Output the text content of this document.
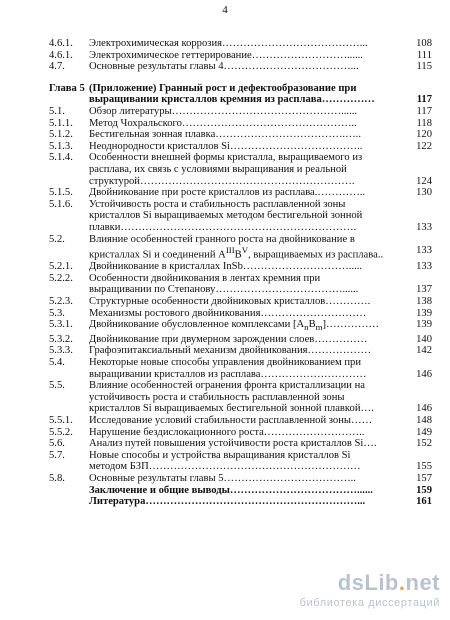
4
4.6.1.	Электрохимическая коррозия…………………………………...	108
4.6.1.	Электрохимическое геттерирование………………………......	111
4.7.	Основные результаты главы 4………………………………...	115
Глава 5 (Приложение) Гранный рост и дефектообразование при
выращивании кристаллов кремния из расплава……………	117
5.1.	Обзор литературы…………………………………………......	117
5.1.1.	Метод Чохральского…………………………………………..	118
5.1.2.	Бестигельная зонная плавка……………………………….…..	120
5.1.3.	Неоднородности кристаллов Si………………………………..	122
5.1.4.	Особенности внешней формы кристалла, выращиваемого из
расплава, их связь с условиями выращивания и реальной
структурой…………………………………………………….	124
5.1.5.	Двойникование при росте кристаллов из расплава.…………..	130
5.1.6.	Устойчивость роста и стабильность расплавленной зоны
кристаллов Si выращиваемых методом бестигельной зонной
плавки………………………………………………………….	133
5.2.	Влияние особенностей гранного роста на двойникование в
кристаллах Si и соединений $A^{III}B^V$, выращиваемых из расплава..	133
5.2.1.	Двойникование в кристаллах InSb………………………….....	133
5.2.2.	Особенности двойникования в лентах кремния при
выращивании по Степанову………………………………......	137
5.2.3.	Структурные особенности двойниковых кристаллов………….	138
5.3.	Механизмы ростового двойникования…………………………	139
5.3.1.	Двойникование обусловленное комплексами $[A_nB_m]\dots\dots\dots\dots\dots$	139
5.3.2.	Двойникование при двумерном зарождении слоев……………	140
5.3.3.	Графоэпитаксиальный механизм двойникования………………	142
5.4.	Некоторые новые способы управления двойникованием при
выращивании кристаллов из расплава…………………………	146
5.5.	Влияние особенностей огранения фронта кристаллизации на
устойчивость роста и стабильность расплавленной зоны
кристаллов Si выращиваемых бестигельной зонной плавкой….	146
5.5.1.	Исследование условий стабильности расплавленной зоны……	148
5.5.2.	Нарушение бездислокационного роста………………………..	149
5.6.	Анализ путей повышения устойчивости роста кристаллов Si….	152
5.7.	Новые способы и устройства выращивания кристаллов Si
методом БЗП……………………………………………………	155
5.8.	Основные результаты главы 5………………………………..	157
Заключение и общие выводы………………………………......	159
Литература……………………………………………………...	161
dsLib.net
библиотека диссертаций
